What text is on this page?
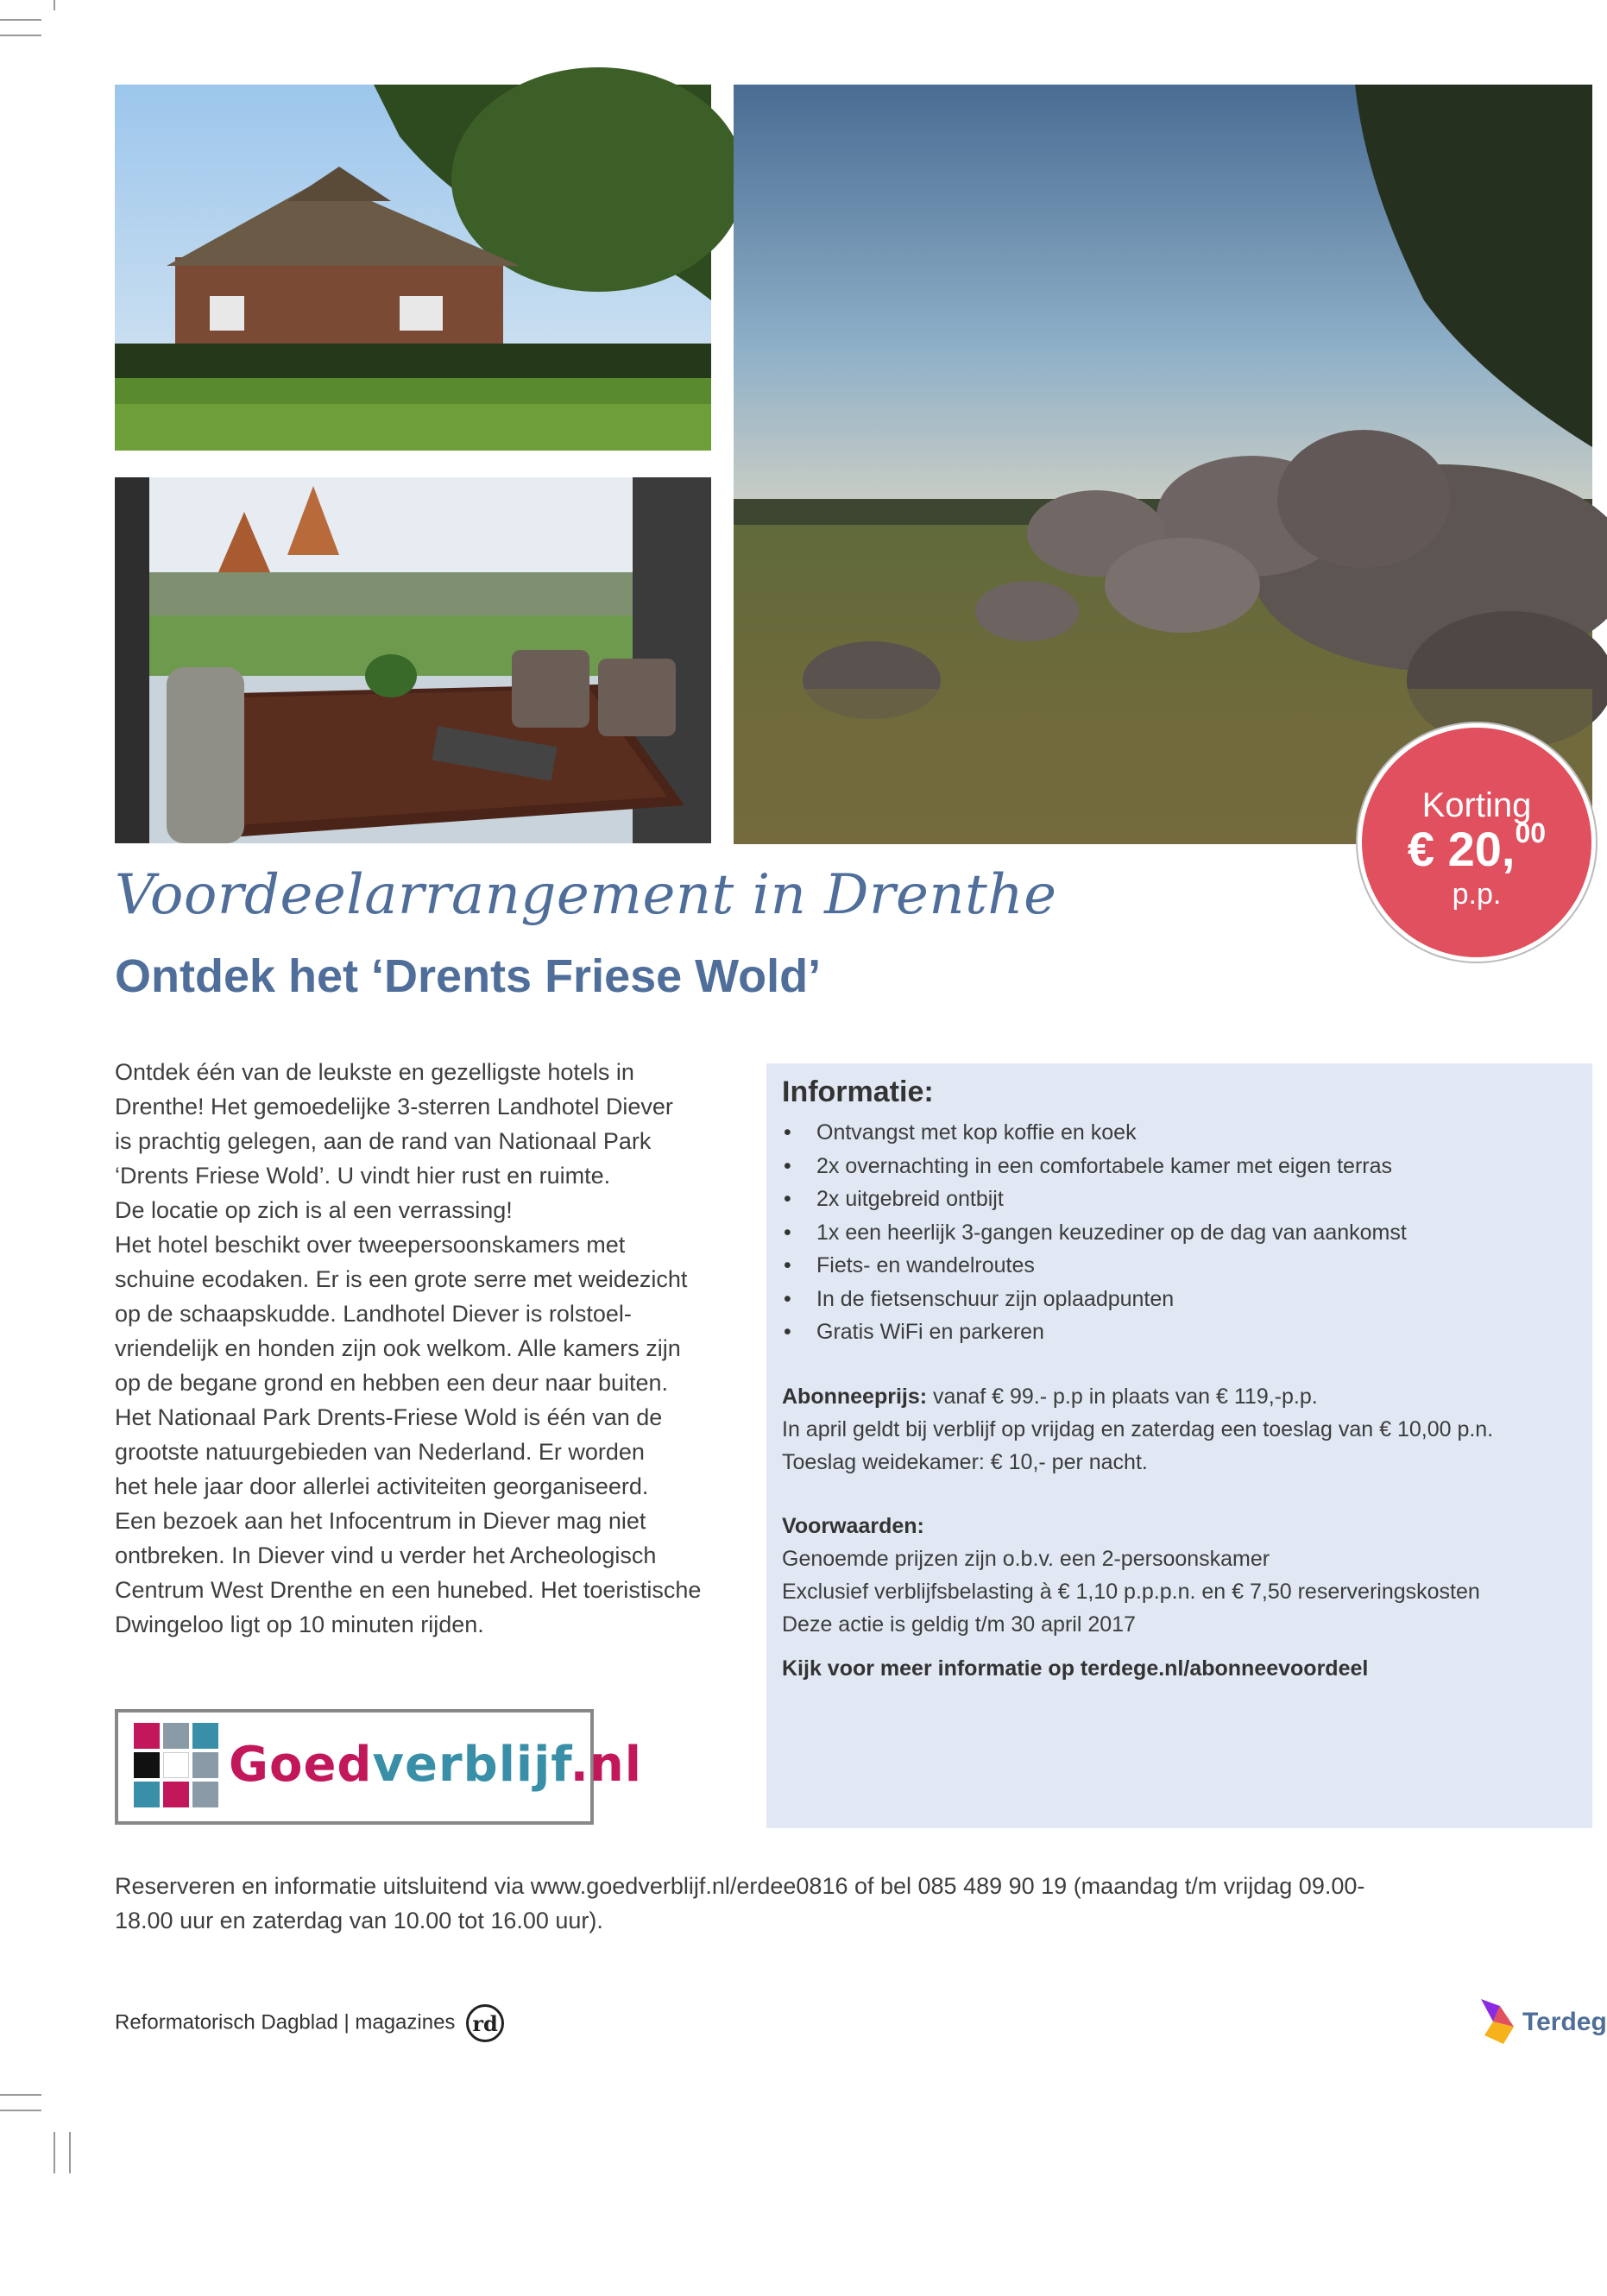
Korting
€ 20,00
p.p.
Voordeelarrangement in Drenthe
Ontdek het ‘Drents Friese Wold’
Ontdek één van de leukste en gezelligste hotels in
Drenthe! Het gemoedelijke 3-sterren Landhotel Diever
is prachtig gelegen, aan de rand van Nationaal Park
‘Drents Friese Wold’. U vindt hier rust en ruimte.
De locatie op zich is al een verrassing!
Het hotel beschikt over tweepersoonskamers met
schuine ecodaken. Er is een grote serre met weidezicht
op de schaapskudde. Landhotel Diever is rolstoel-
vriendelijk en honden zijn ook welkom. Alle kamers zijn
op de begane grond en hebben een deur naar buiten.
Het Nationaal Park Drents-Friese Wold is één van de
grootste natuurgebieden van Nederland. Er worden
het hele jaar door allerlei activiteiten georganiseerd.
Een bezoek aan het Infocentrum in Diever mag niet
ontbreken. In Diever vind u verder het Archeologisch
Centrum West Drenthe en een hunebed. Het toeristische
Dwingeloo ligt op 10 minuten rijden.
Informatie:
• Ontvangst met kop koffie en koek
• 2x overnachting in een comfortabele kamer met eigen terras
• 2x uitgebreid ontbijt
• 1x een heerlijk 3-gangen keuzediner op de dag van aankomst
• Fiets- en wandelroutes
• In de fietsenschuur zijn oplaadpunten
• Gratis WiFi en parkeren
Abonneeprijs: vanaf € 99.- p.p in plaats van € 119,-p.p.
In april geldt bij verblijf op vrijdag en zaterdag een toeslag van € 10,00 p.n.
Toeslag weidekamer: € 10,- per nacht.
Voorwaarden:
Genoemde prijzen zijn o.b.v. een 2-persoonskamer
Exclusief verblijfsbelasting à € 1,10 p.p.p.n. en € 7,50 reserveringskosten
Deze actie is geldig t/m 30 april 2017
Kijk voor meer informatie op terdege.nl/abonneevoordeel
Goedverblijf.nl
Reserveren en informatie uitsluitend via www.goedverblijf.nl/erdee0816 of bel 085 489 90 19 (maandag t/m vrijdag 09.00-
18.00 uur en zaterdag van 10.00 tot 16.00 uur).
Reformatorisch Dagblad | magazines rd	Terdeg
